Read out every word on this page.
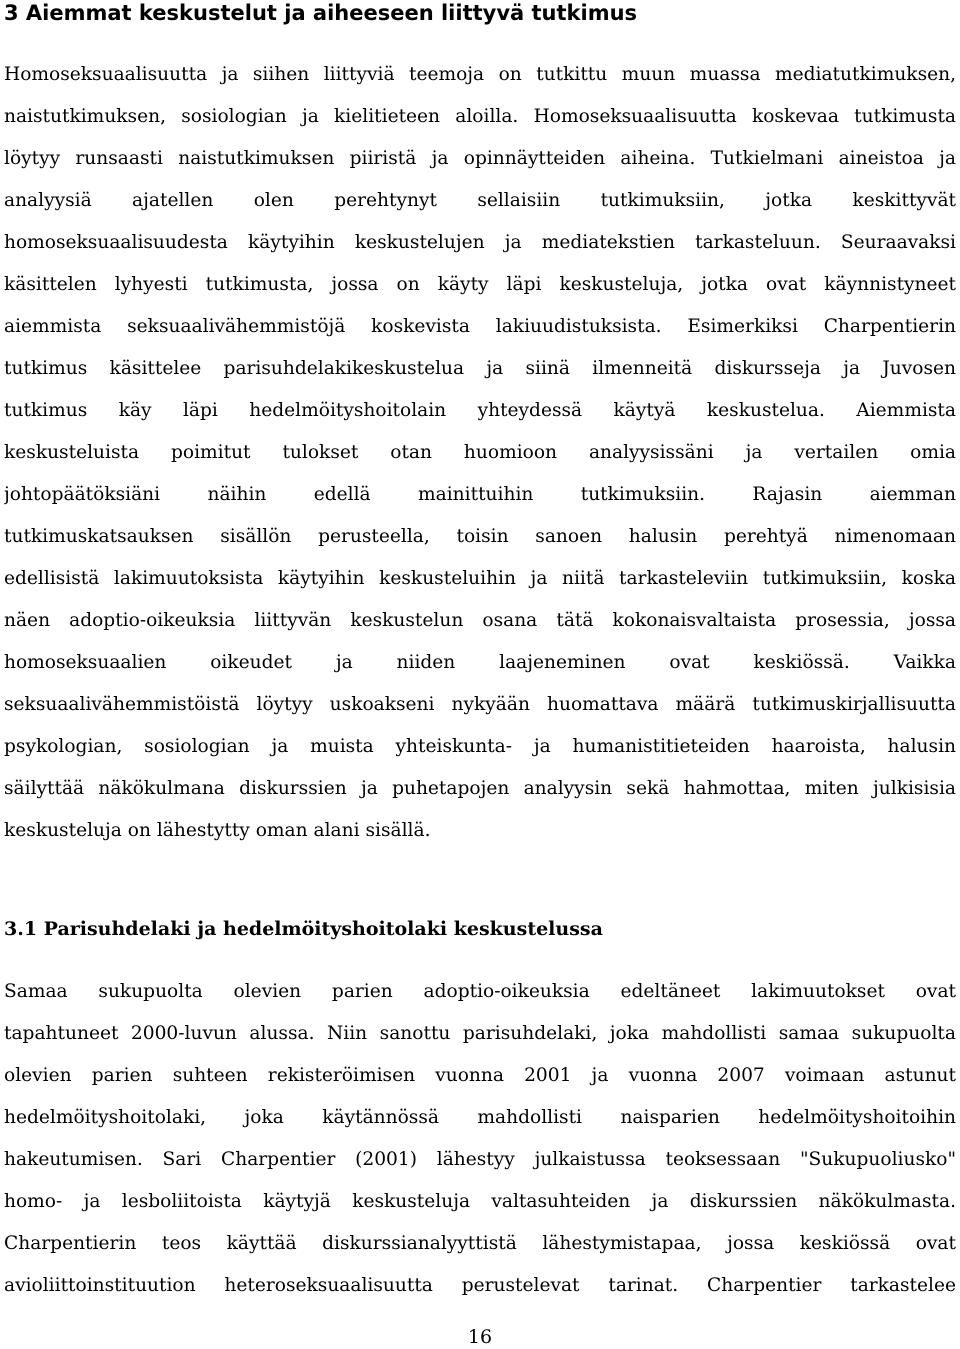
3 Aiemmat keskustelut ja aiheeseen liittyvä tutkimus
Homoseksuaalisuutta ja siihen liittyviä teemoja on tutkittu muun muassa mediatutkimuksen,
naistutkimuksen, sosiologian ja kielitieteen aloilla. Homoseksuaalisuutta koskevaa tutkimusta
löytyy runsaasti naistutkimuksen piiristä ja opinnäytteiden aiheina. Tutkielmani aineistoa ja
analyysiä ajatellen olen perehtynyt sellaisiin tutkimuksiin, jotka keskittyvät
homoseksuaalisuudesta käytyihin keskustelujen ja mediatekstien tarkasteluun. Seuraavaksi
käsittelen lyhyesti tutkimusta, jossa on käyty läpi keskusteluja, jotka ovat käynnistyneet
aiemmista seksuaalivähemmistöjä koskevista lakiuudistuksista. Esimerkiksi Charpentierin
tutkimus käsittelee parisuhdelakikeskustelua ja siinä ilmenneitä diskursseja ja Juvosen
tutkimus käy läpi hedelmöityshoitolain yhteydessä käytyä keskustelua. Aiemmista
keskusteluista poimitut tulokset otan huomioon analyysissäni ja vertailen omia
johtopäätöksiäni näihin edellä mainittuihin tutkimuksiin. Rajasin aiemman
tutkimuskatsauksen sisällön perusteella, toisin sanoen halusin perehtyä nimenomaan
edellisistä lakimuutoksista käytyihin keskusteluihin ja niitä tarkasteleviin tutkimuksiin, koska
näen adoptio-oikeuksia liittyvän keskustelun osana tätä kokonaisvaltaista prosessia, jossa
homoseksuaalien oikeudet ja niiden laajeneminen ovat keskiössä. Vaikka
seksuaalivähemmistöistä löytyy uskoakseni nykyään huomattava määrä tutkimuskirjallisuutta
psykologian, sosiologian ja muista yhteiskunta- ja humanistitieteiden haaroista, halusin
säilyttää näkökulmana diskurssien ja puhetapojen analyysin sekä hahmottaa, miten julkisisia
keskusteluja on lähestytty oman alani sisällä.
3.1 Parisuhdelaki ja hedelmöityshoitolaki keskustelussa
Samaa sukupuolta olevien parien adoptio-oikeuksia edeltäneet lakimuutokset ovat
tapahtuneet 2000-luvun alussa. Niin sanottu parisuhdelaki, joka mahdollisti samaa sukupuolta
olevien parien suhteen rekisteröimisen vuonna 2001 ja vuonna 2007 voimaan astunut
hedelmöityshoitolaki, joka käytännössä mahdollisti naisparien hedelmöityshoitoihin
hakeutumisen. Sari Charpentier (2001) lähestyy julkaistussa teoksessaan "Sukupuoliusko"
homo- ja lesboliitoista käytyjä keskusteluja valtasuhteiden ja diskurssien näkökulmasta.
Charpentierin teos käyttää diskurssianalyyttistä lähestymistapaa, jossa keskiössä ovat
avioliittoinstituution heteroseksuaalisuutta perustelevat tarinat. Charpentier tarkastelee
16
